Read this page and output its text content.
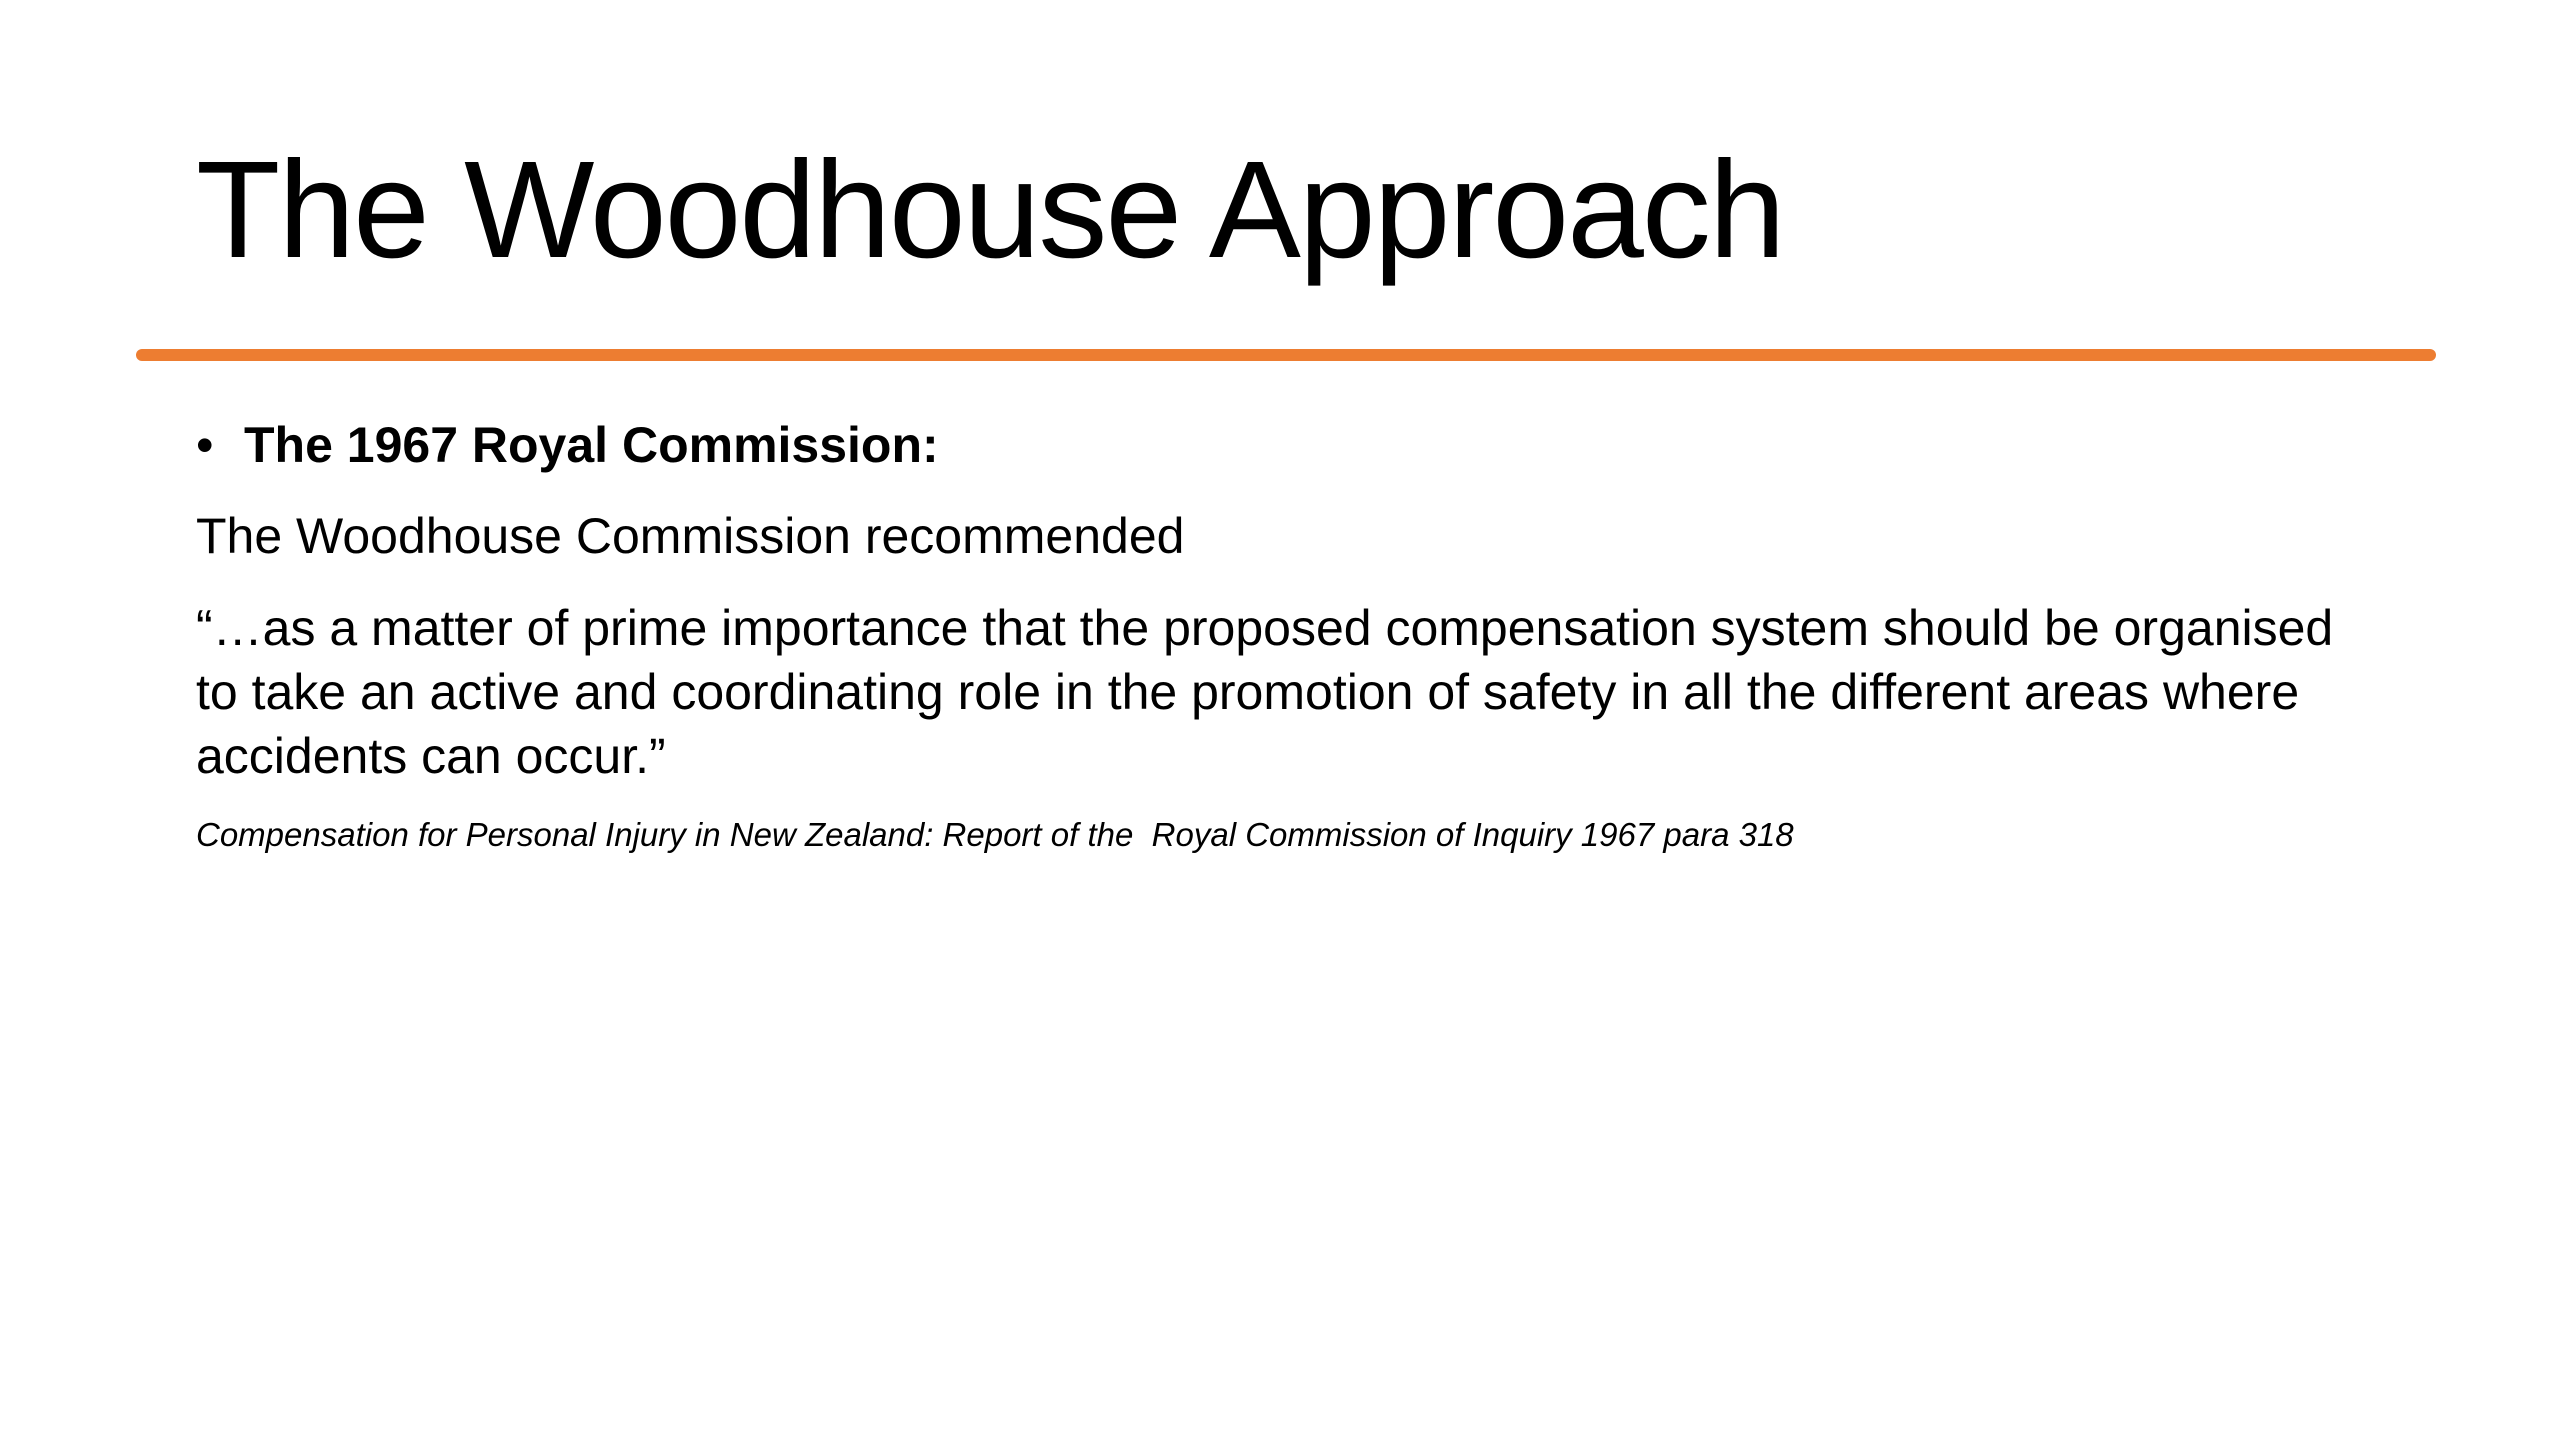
The Woodhouse Approach
• The 1967 Royal Commission:
The Woodhouse Commission recommended
“…as a matter of prime importance that the proposed compensation system should be organised to take an active and coordinating role in the promotion of safety in all the different areas where accidents can occur.”
Compensation for Personal Injury in New Zealand: Report of the  Royal Commission of Inquiry 1967 para 318
